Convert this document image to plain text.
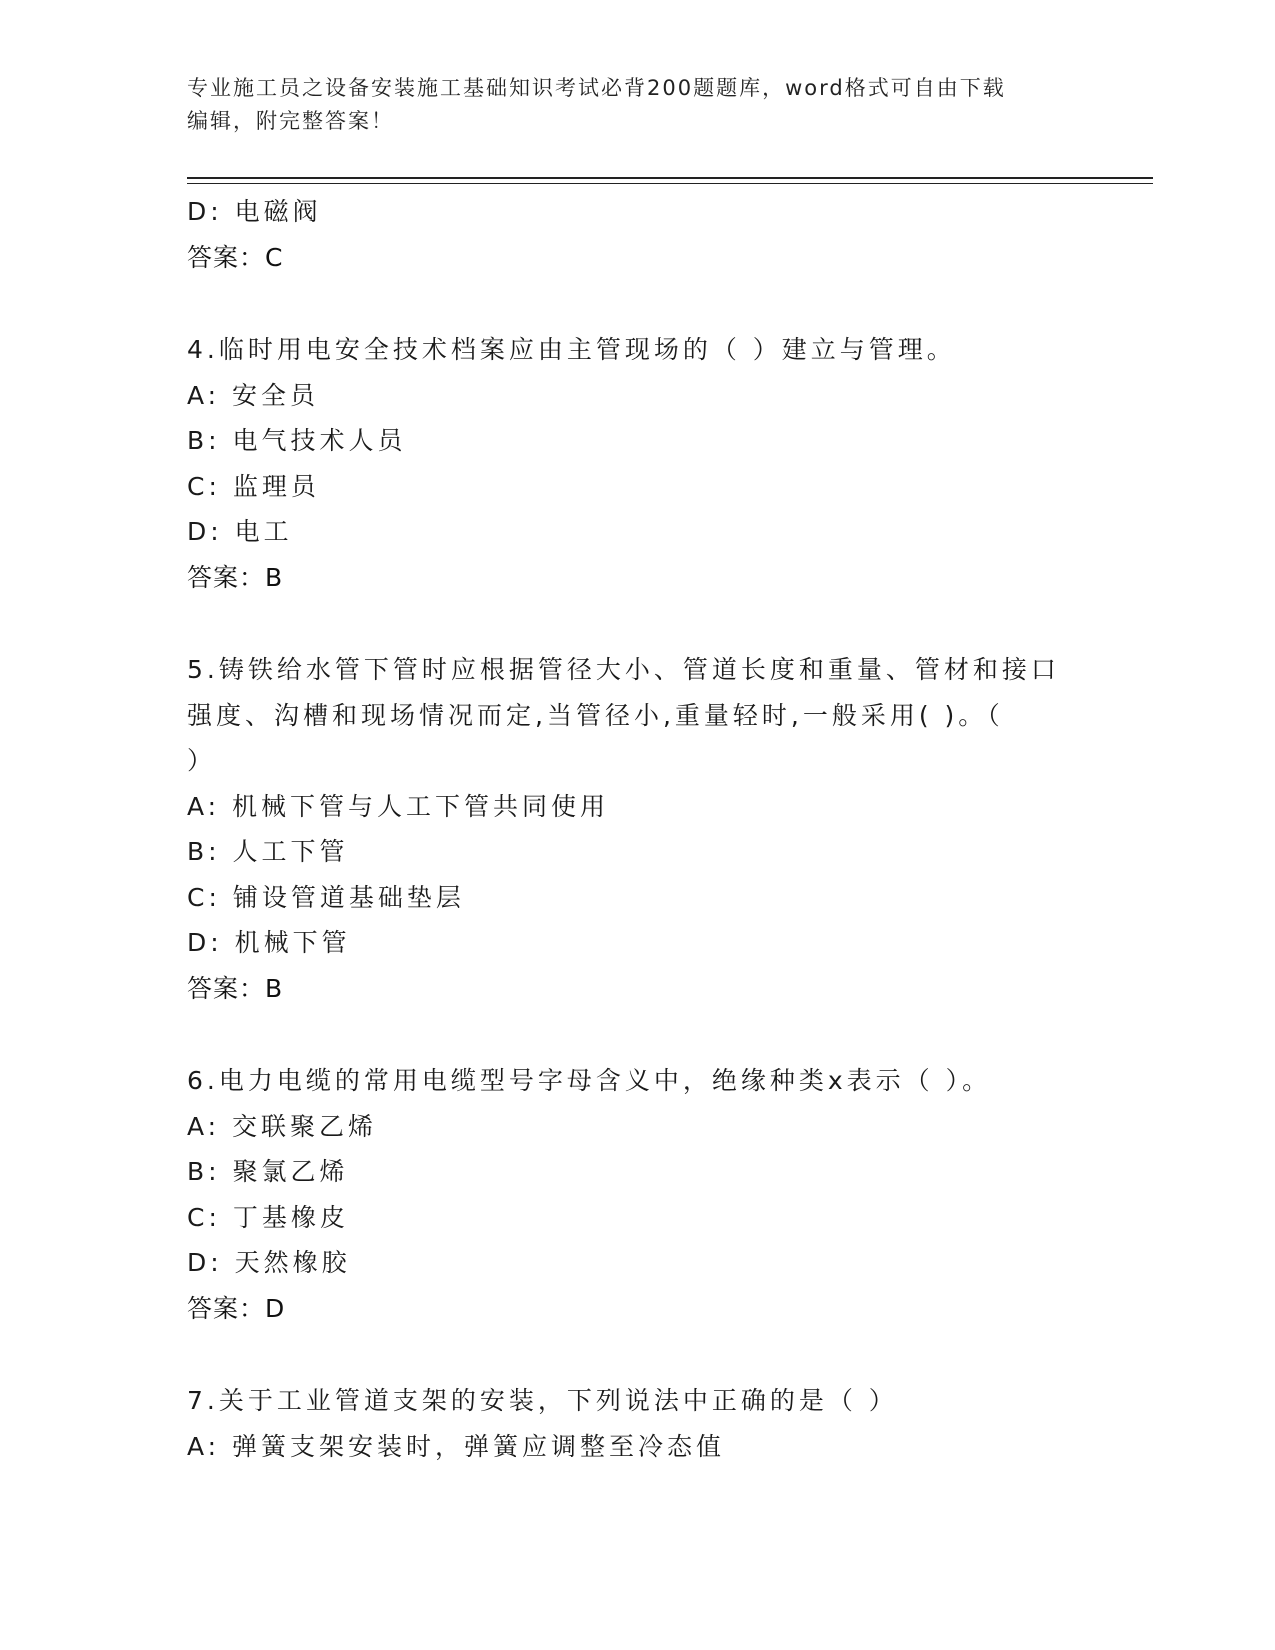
专业施工员之设备安装施工基础知识考试必背200题题库，word格式可自由下载
编辑，附完整答案！
D: 电磁阀
答案：C
4.临时用电安全技术档案应由主管现场的（ ）建立与管理。
A: 安全员
B: 电气技术人员
C: 监理员
D: 电工
答案：B
5.铸铁给水管下管时应根据管径大小、管道长度和重量、管材和接口
强度、沟槽和现场情况而定,当管径小,重量轻时,一般采用( )。（
）
A: 机械下管与人工下管共同使用
B: 人工下管
C: 铺设管道基础垫层
D: 机械下管
答案：B
6.电力电缆的常用电缆型号字母含义中，绝缘种类x表示（ ）。
A: 交联聚乙烯
B: 聚氯乙烯
C: 丁基橡皮
D: 天然橡胶
答案：D
7.关于工业管道支架的安装，下列说法中正确的是（ ）
A: 弹簧支架安装时，弹簧应调整至冷态值
